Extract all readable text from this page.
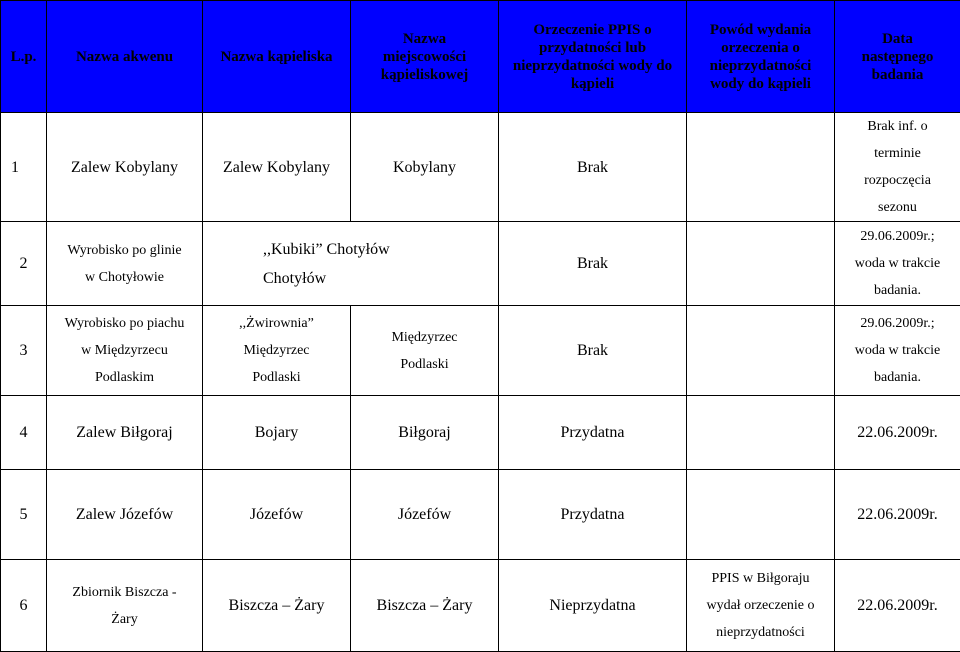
L.p.	Nazwa akwenu	Nazwa kąpieliska	Nazwa
miejscowości
kąpieliskowej	Orzeczenie PPIS o
przydatności lub
nieprzydatności wody do
kąpieli	Powód wydania
orzeczenia o
nieprzydatności
wody do kąpieli	Data
następnego
badania

1	Zalew Kobylany	Zalew Kobylany	Kobylany	Brak		Brak inf. o
terminie
rozpoczęcia
sezonu

2	Wyrobisko po glinie
w Chotyłowie	,,Kubiki” Chotyłów  Chotyłów		Brak		29.06.2009r.;
woda w trakcie
badania.

3	Wyrobisko po piachu
w Międzyrzecu
Podlaskim	,,Żwirownia”
Międzyrzec
Podlaski	Międzyrzec
Podlaski	Brak		29.06.2009r.;
woda w trakcie
badania.

4	Zalew Biłgoraj	Bojary	Biłgoraj	Przydatna		22.06.2009r.
5	Zalew Józefów	Józefów	Józefów	Przydatna		22.06.2009r.
6	Zbiornik Biszcza -
Żary	Biszcza – Żary	Biszcza – Żary	Nieprzydatna	PPIS w Biłgoraju
wydał orzeczenie o
nieprzydatności	22.06.2009r.
